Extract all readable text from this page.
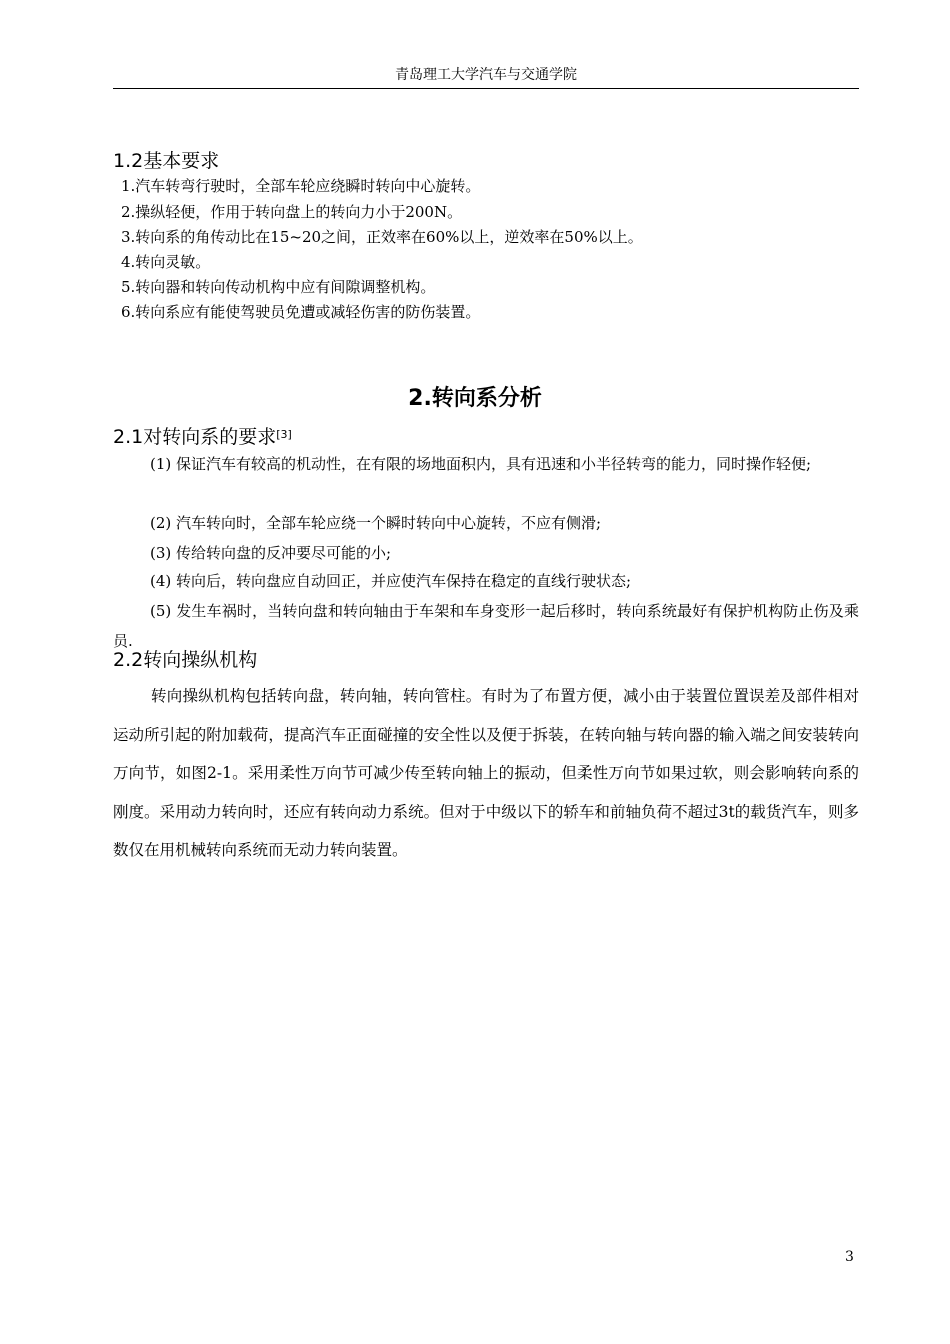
青岛理工大学汽车与交通学院
1.2基本要求
1.汽车转弯行驶时，全部车轮应绕瞬时转向中心旋转。
2.操纵轻便，作用于转向盘上的转向力小于200N。
3.转向系的角传动比在15~20之间，正效率在60%以上，逆效率在50%以上。
4.转向灵敏。
5.转向器和转向传动机构中应有间隙调整机构。
6.转向系应有能使驾驶员免遭或减轻伤害的防伤装置。
2.转向系分析
2.1对转向系的要求[3]

(1) 保证汽车有较高的机动性，在有限的场地面积内，具有迅速和小半径转弯的能力，同时操作轻便;

(2) 汽车转向时，全部车轮应绕一个瞬时转向中心旋转，不应有侧滑;

(3) 传给转向盘的反冲要尽可能的小;

(4) 转向后，转向盘应自动回正，并应使汽车保持在稳定的直线行驶状态;

(5) 发生车祸时，当转向盘和转向轴由于车架和车身变形一起后移时，转向系统最好有保护机构防止伤及乘员.

2.2转向操纵机构

转向操纵机构包括转向盘，转向轴，转向管柱。有时为了布置方便，减小由于装置位置误差及部件相对运动所引起的附加载荷，提高汽车正面碰撞的安全性以及便于拆装，在转向轴与转向器的输入端之间安装转向万向节，如图2-1。采用柔性万向节可减少传至转向轴上的振动，但柔性万向节如果过软，则会影响转向系的刚度。采用动力转向时，还应有转向动力系统。但对于中级以下的轿车和前轴负荷不超过3t的载货汽车，则多数仅在用机械转向系统而无动力转向装置。

3
